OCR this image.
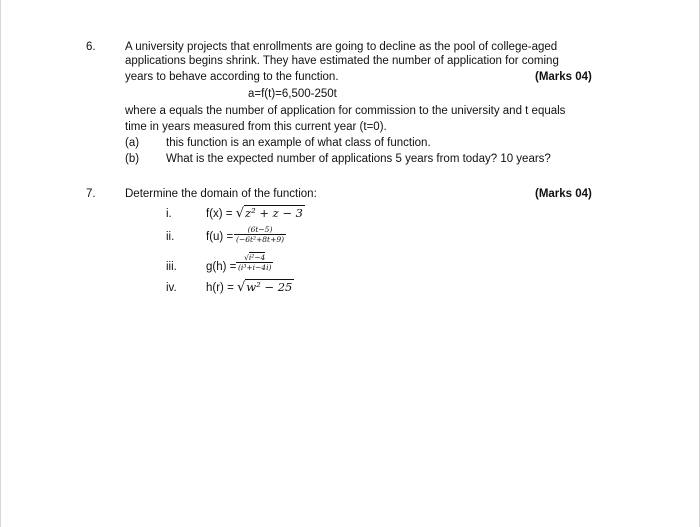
6.	A university projects that enrollments are going to decline as the pool of college-aged
applications begins shrink. They have estimated the number of application for coming
years to behave according to the function.	(Marks 04)
a=f(t)=6,500-250t
where a equals the number of application for commission to the university and t equals
time in years measured from this current year (t=0).
(a) this function is an example of what class of function.
(b) What is the expected number of applications 5 years from today? 10 years?
7.	Determine the domain of the function:	(Marks 04)
i.	f(x) = √z² + z − 3
ii.	$f(u) = \frac{(6t-5)}{\text{(−6t²+8t+9)}}$
iii.	$g(h) = \frac{\text{√i²−4}}{\text{(i³+i−4i)}}$
iv.	h(r) = √w² − 25
